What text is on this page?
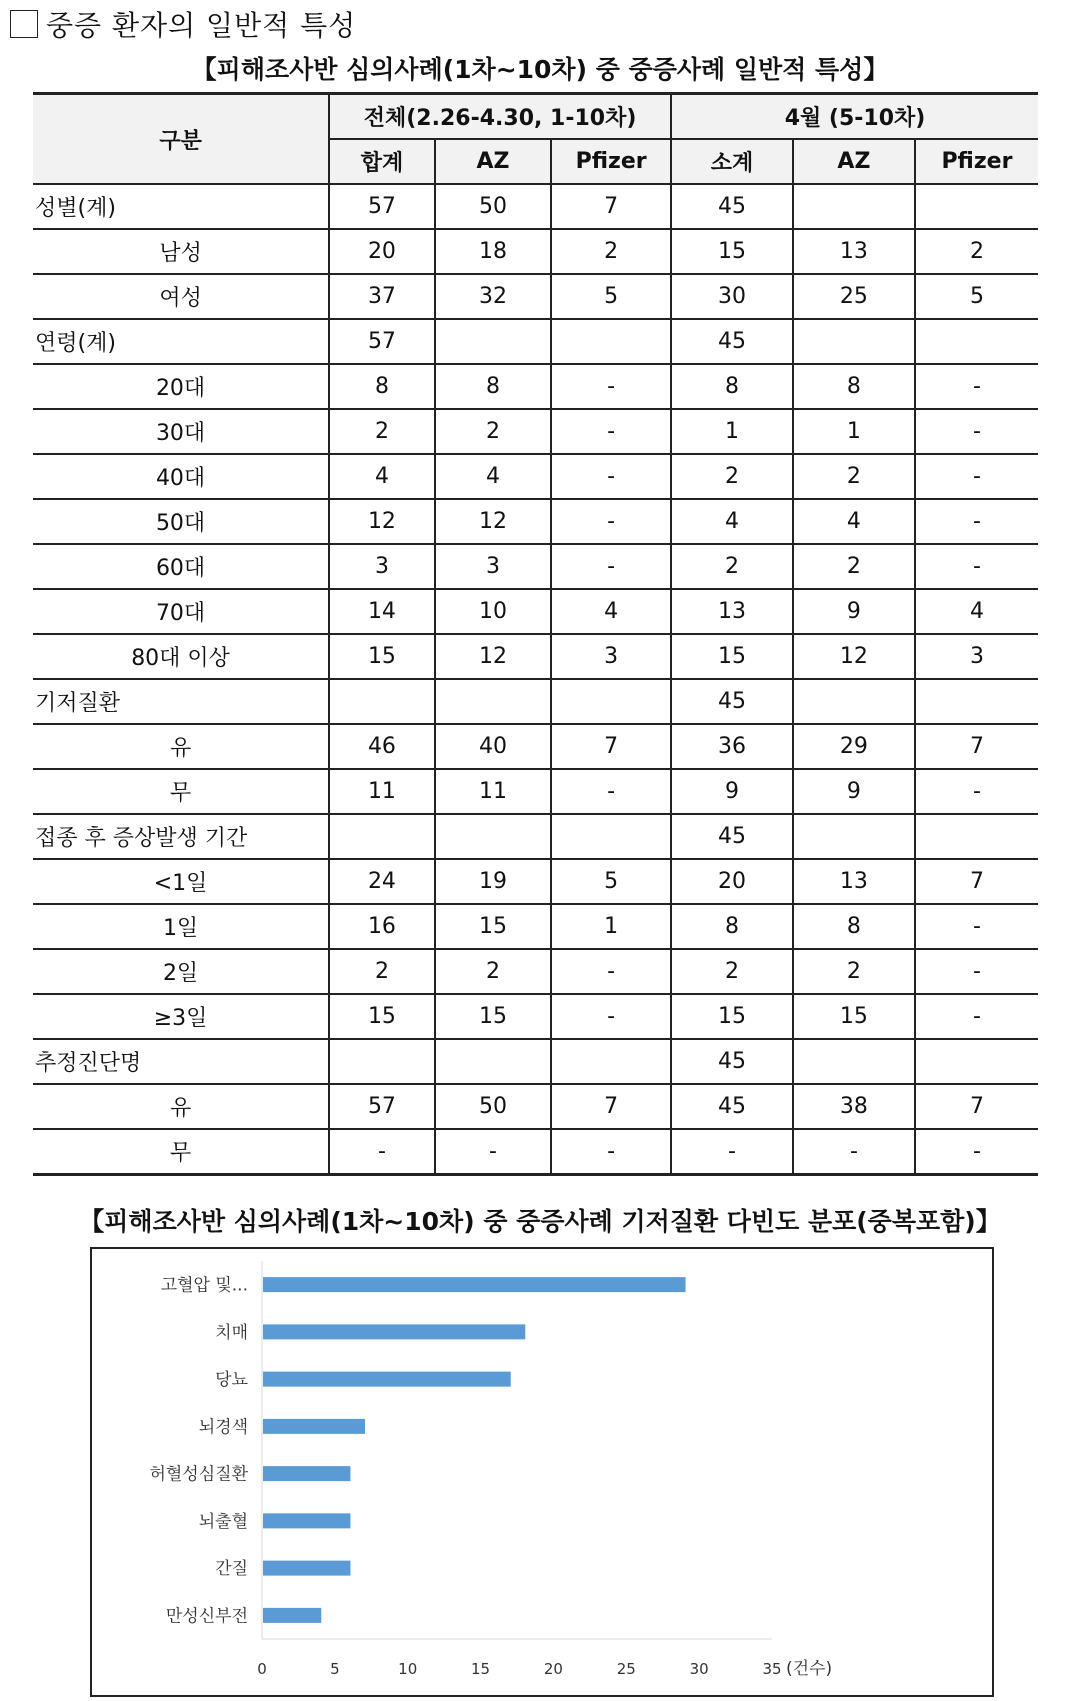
중증 환자의 일반적 특성
【피해조사반 심의사례(1차~10차) 중 중증사례 일반적 특성】
구분	전체(2.26-4.30, 1-10차)			4월 (5-10차)		
	합계	AZ	Pfizer	소계	AZ	Pfizer
성별(계)	57	50	7	45		
남성	20	18	2	15	13	2
여성	37	32	5	30	25	5
연령(계)	57			45		
20대	8	8	-	8	8	-
30대	2	2	-	1	1	-
40대	4	4	-	2	2	-
50대	12	12	-	4	4	-
60대	3	3	-	2	2	-
70대	14	10	4	13	9	4
80대 이상	15	12	3	15	12	3
기저질환				45		
유	46	40	7	36	29	7
무	11	11	-	9	9	-
접종 후 증상발생 기간				45		
<1일	24	19	5	20	13	7
1일	16	15	1	8	8	-
2일	2	2	-	2	2	-
≥3일	15	15	-	15	15	-
추정진단명				45		
유	57	50	7	45	38	7
무	-	-	-	-	-	-
【피해조사반 심의사례(1차~10차) 중 중증사례 기저질환 다빈도 분포(중복포함)】
고혈압 및...
치매
당뇨
뇌경색
허혈성심질환
뇌출혈
간질
만성신부전
0	5	10	15	20	25	30	35 (건수)
